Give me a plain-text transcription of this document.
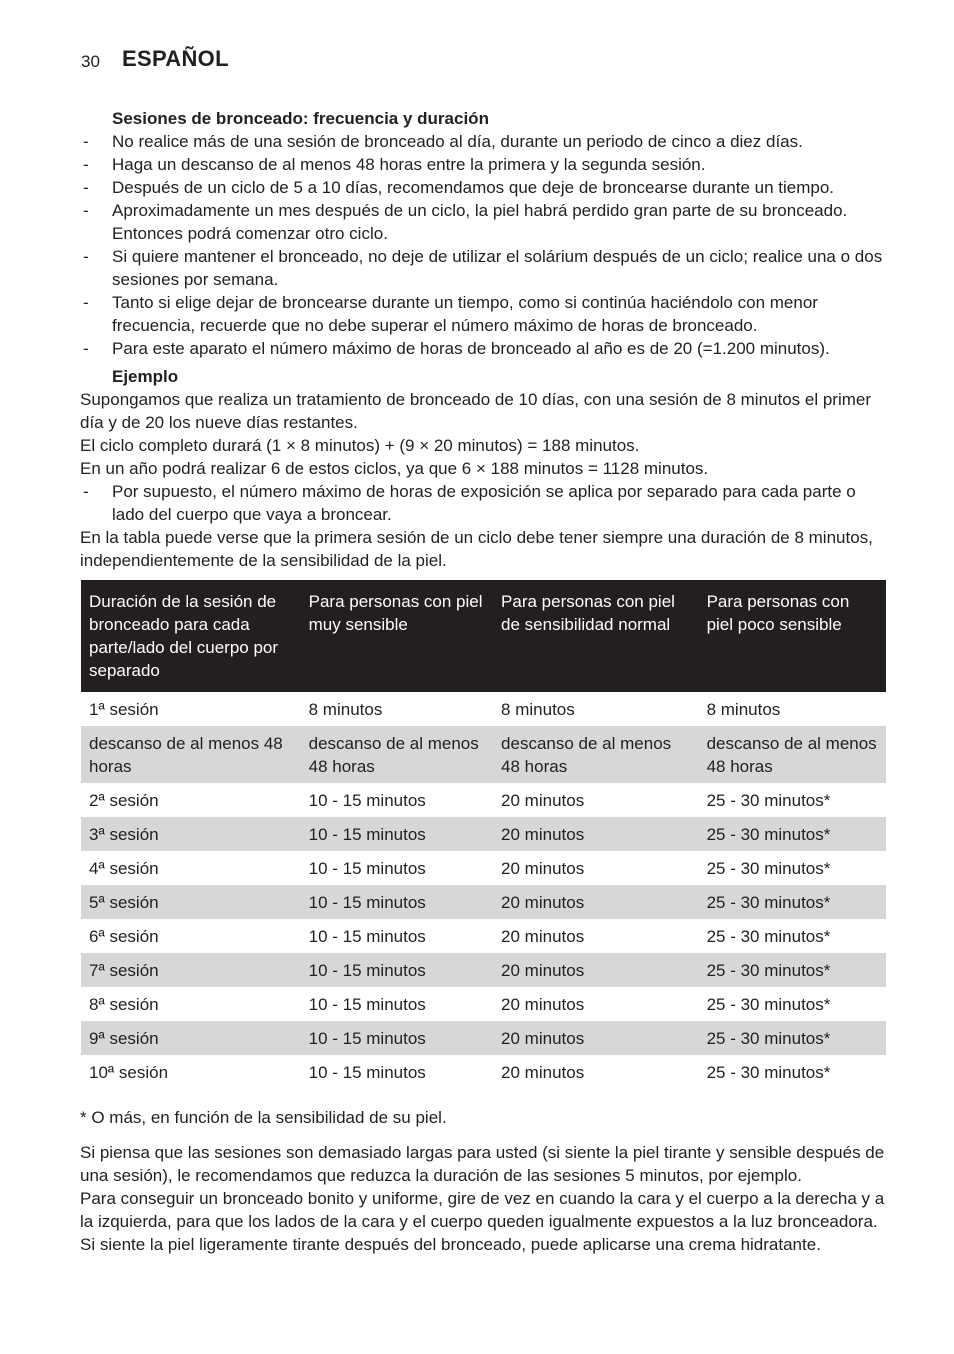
30	ESPAÑOL

Sesiones de bronceado: frecuencia y duración

- No realice más de una sesión de bronceado al día, durante un periodo de cinco a diez días.
- Haga un descanso de al menos 48 horas entre la primera y la segunda sesión.
- Después de un ciclo de 5 a 10 días, recomendamos que deje de broncearse durante un tiempo.
- Aproximadamente un mes después de un ciclo, la piel habrá perdido gran parte de su bronceado. Entonces podrá comenzar otro ciclo.
- Si quiere mantener el bronceado, no deje de utilizar el solárium después de un ciclo; realice una o dos sesiones por semana.
- Tanto si elige dejar de broncearse durante un tiempo, como si continúa haciéndolo con menor frecuencia, recuerde que no debe superar el número máximo de horas de bronceado.
- Para este aparato el número máximo de horas de bronceado al año es de 20 (=1.200 minutos).

Ejemplo

Supongamos que realiza un tratamiento de bronceado de 10 días, con una sesión de 8 minutos el primer día y de 20 los nueve días restantes.

El ciclo completo durará (1 × 8 minutos) + (9 × 20 minutos) = 188 minutos.

En un año podrá realizar 6 de estos ciclos, ya que 6 × 188 minutos = 1128 minutos.

- Por supuesto, el número máximo de horas de exposición se aplica por separado para cada parte o lado del cuerpo que vaya a broncear.

En la tabla puede verse que la primera sesión de un ciclo debe tener siempre una duración de 8 minutos, independientemente de la sensibilidad de la piel.

Duración de la sesión de bronceado para cada parte/lado del cuerpo por separado	Para personas con piel muy sensible	Para personas con piel de sensibilidad normal	Para personas con piel poco sensible
1ª sesión	8 minutos	8 minutos	8 minutos
descanso de al menos 48 horas	descanso de al menos 48 horas	descanso de al menos 48 horas	descanso de al menos 48 horas
2ª sesión	10 - 15 minutos	20 minutos	25 - 30 minutos*
3ª sesión	10 - 15 minutos	20 minutos	25 - 30 minutos*
4ª sesión	10 - 15 minutos	20 minutos	25 - 30 minutos*
5ª sesión	10 - 15 minutos	20 minutos	25 - 30 minutos*
6ª sesión	10 - 15 minutos	20 minutos	25 - 30 minutos*
7ª sesión	10 - 15 minutos	20 minutos	25 - 30 minutos*
8ª sesión	10 - 15 minutos	20 minutos	25 - 30 minutos*
9ª sesión	10 - 15 minutos	20 minutos	25 - 30 minutos*
10ª sesión	10 - 15 minutos	20 minutos	25 - 30 minutos*

* O más, en función de la sensibilidad de su piel.

Si piensa que las sesiones son demasiado largas para usted (si siente la piel tirante y sensible después de una sesión), le recomendamos que reduzca la duración de las sesiones 5 minutos, por ejemplo.

Para conseguir un bronceado bonito y uniforme, gire de vez en cuando la cara y el cuerpo a la derecha y a la izquierda, para que los lados de la cara y el cuerpo queden igualmente expuestos a la luz bronceadora.

Si siente la piel ligeramente tirante después del bronceado, puede aplicarse una crema hidratante.
